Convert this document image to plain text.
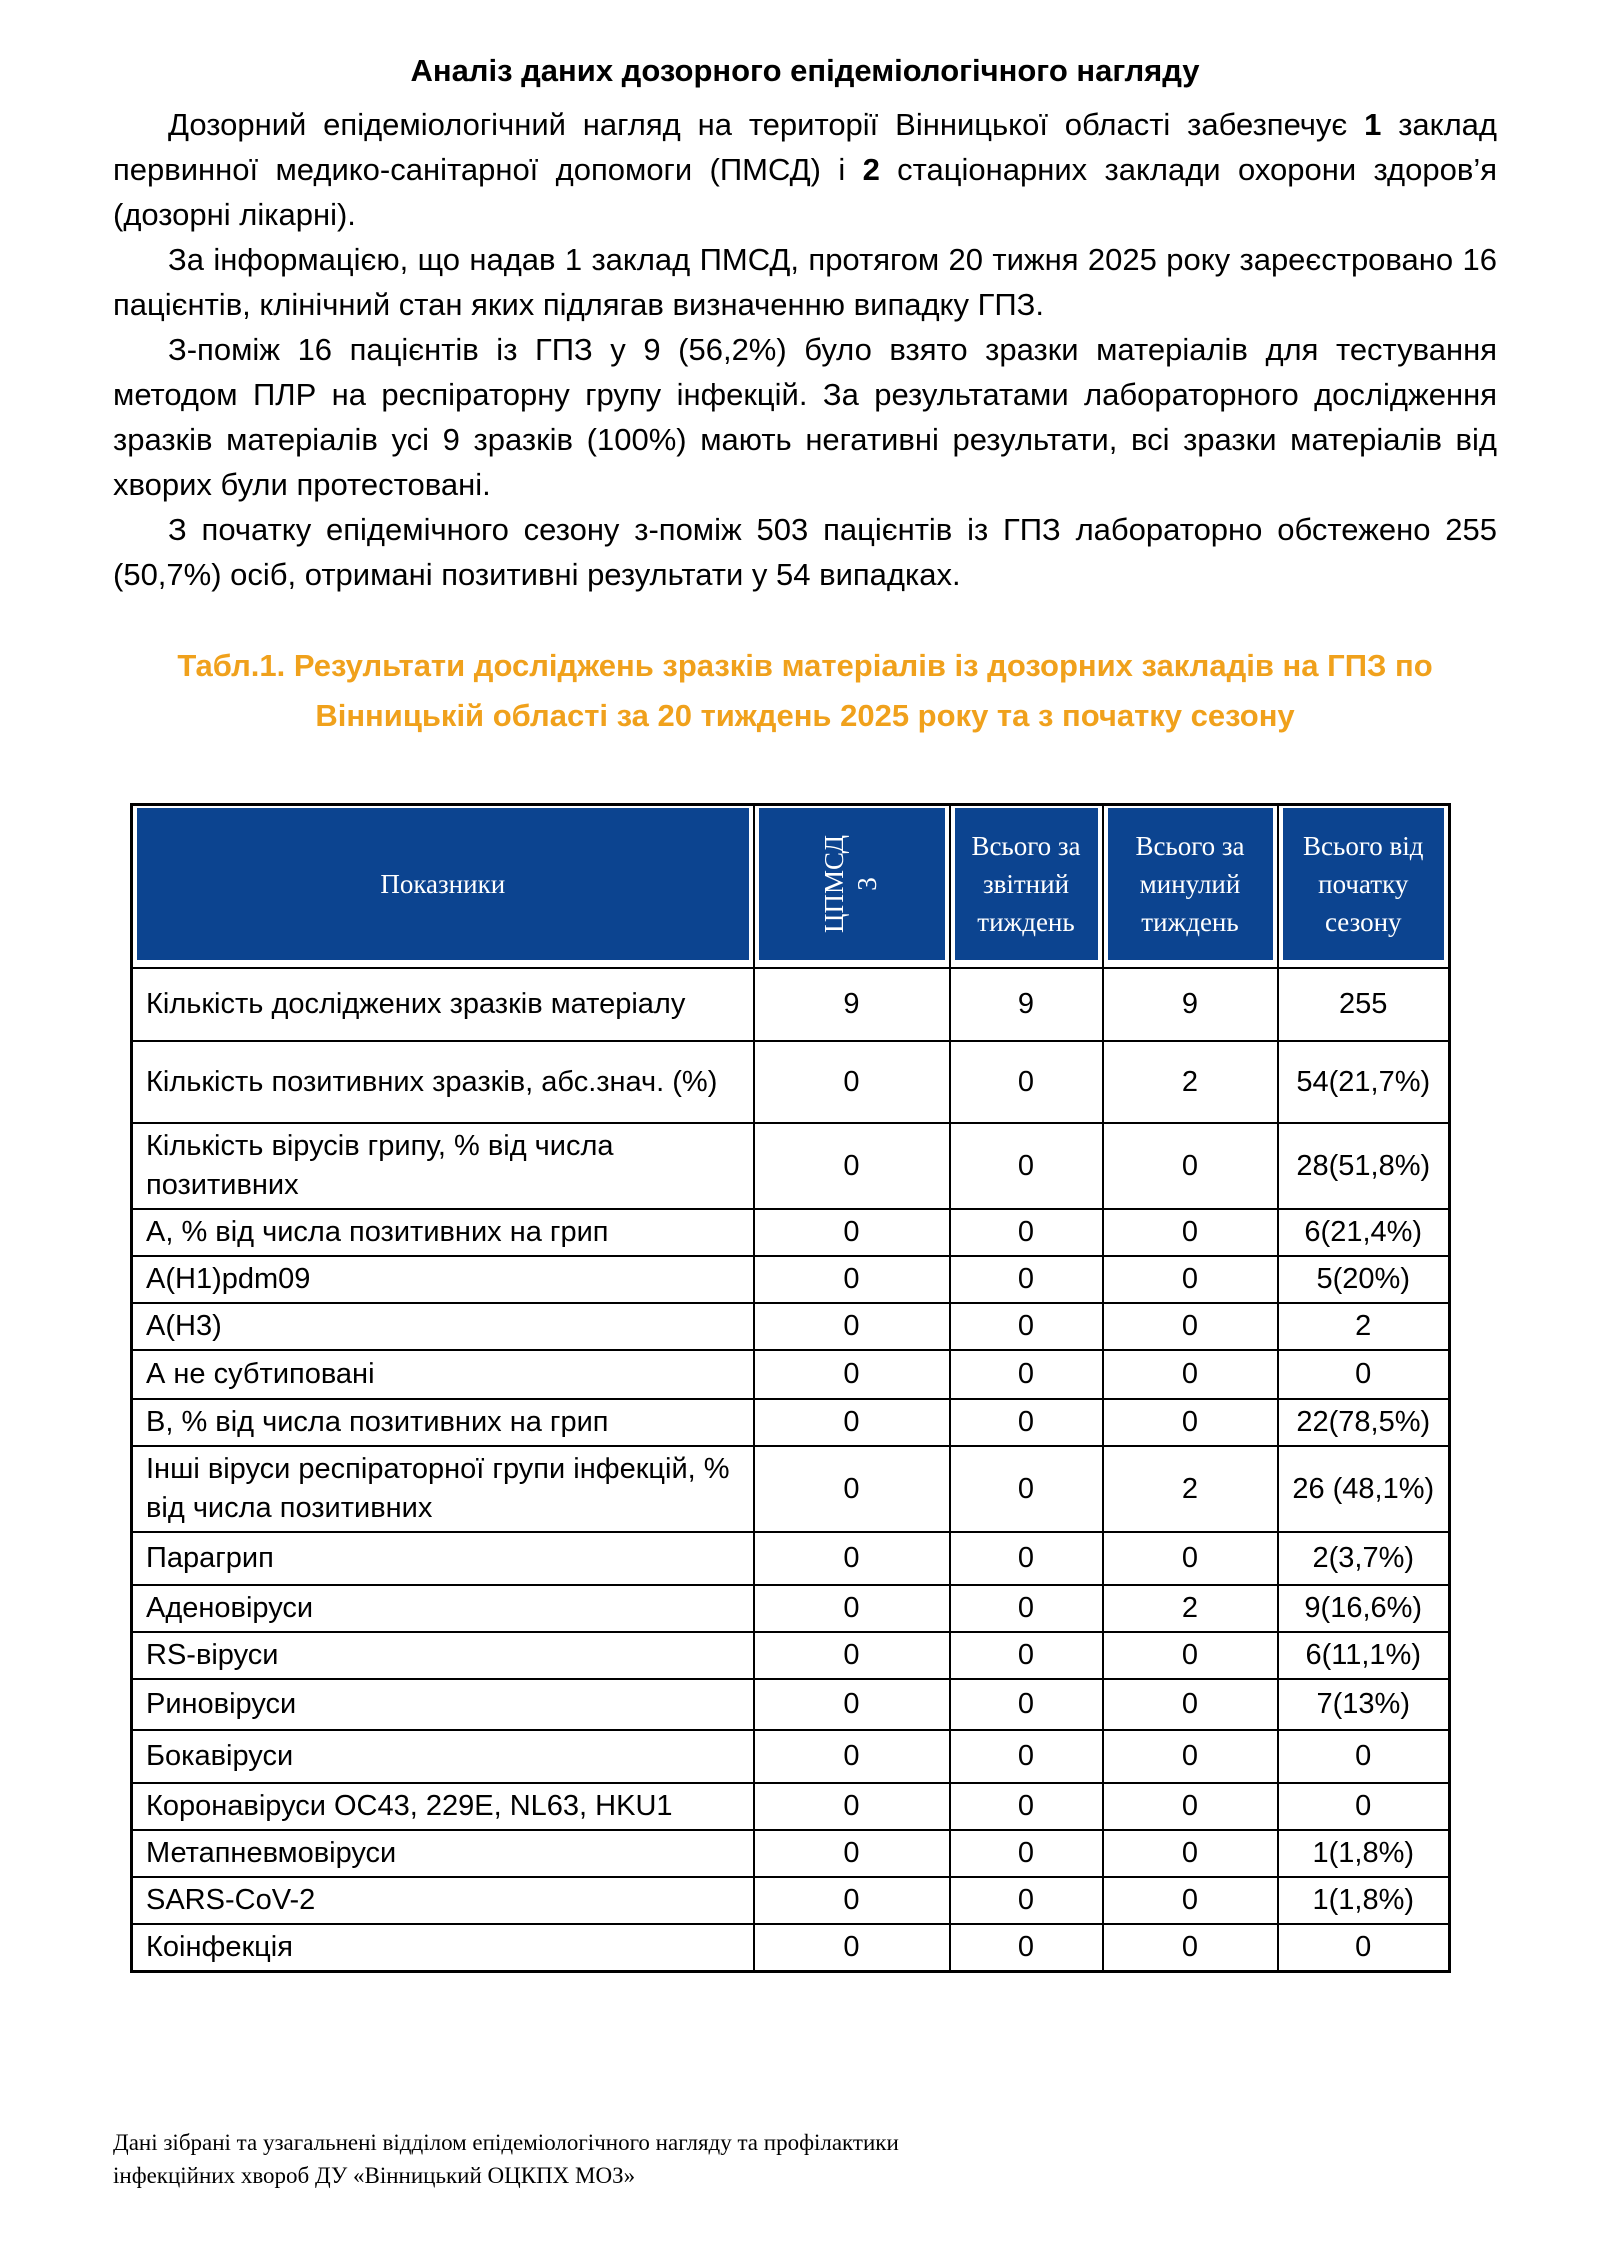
Аналіз даних дозорного епідеміологічного нагляду

Дозорний епідеміологічний нагляд на території Вінницької області забезпечує 1 заклад первинної медико-санітарної допомоги (ПМСД) і 2 стаціонарних заклади охорони здоров’я (дозорні лікарні).

За інформацією, що надав 1 заклад ПМСД, протягом 20 тижня 2025 року зареєстровано 16 пацієнтів, клінічний стан яких підлягав визначенню випадку ГПЗ.

З-поміж 16 пацієнтів із ГПЗ у 9 (56,2%) було взято зразки матеріалів для тестування методом ПЛР на респіраторну групу інфекцій. За результатами лабораторного дослідження зразків матеріалів усі 9 зразків (100%) мають негативні результати, всі зразки матеріалів від хворих були протестовані.

З початку епідемічного сезону з-поміж 503 пацієнтів із ГПЗ лабораторно обстежено 255 (50,7%) осіб, отримані позитивні результати у 54 випадках.

Табл.1. Результати досліджень зразків матеріалів із дозорних закладів на ГПЗ по Вінницькій області за 20 тиждень 2025 року та з початку сезону
Показники	ЦПМСД 3	Всього за звітний тиждень	Всього за минулий тиждень	Всього від початку сезону

Кількість досліджених зразків матеріалу	9	9	9	255
Кількість позитивних зразків, абс.знач. (%)	0	0	2	54(21,7%)
Кількість вірусів грипу, % від числа позитивних	0	0	0	28(51,8%)
А, % від числа позитивних на грип	0	0	0	6(21,4%)
A(H1)pdm09	0	0	0	5(20%)
A(H3)	0	0	0	2
А не субтиповані	0	0	0	0
В, % від числа позитивних на грип	0	0	0	22(78,5%)
Інші віруси респіраторної групи інфекцій, % від числа позитивних	0	0	2	26 (48,1%)
Парагрип	0	0	0	2(3,7%)
Аденовіруси	0	0	2	9(16,6%)
RS-віруси	0	0	0	6(11,1%)
Риновіруси	0	0	0	7(13%)
Бокавіруси	0	0	0	0
Коронавіруси OC43, 229E, NL63, HKU1	0	0	0	0
Метапневмовіруси	0	0	0	1(1,8%)
SARS-CoV-2	0	0	0	1(1,8%)
Коінфекція	0	0	0	0
Дані зібрані та узагальнені відділом епідеміологічного нагляду та профілактики інфекційних хвороб ДУ «Вінницький ОЦКПХ МОЗ»
